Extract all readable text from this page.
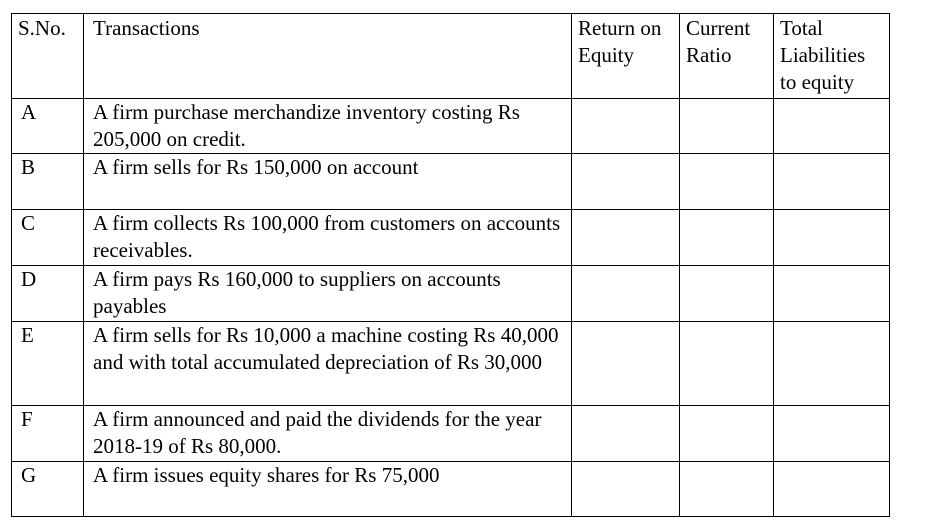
S.No.	Transactions	Return on Equity	Current Ratio	Total Liabilities to equity
A	A firm purchase merchandize inventory costing Rs 205,000 on credit.			
B	A firm sells for Rs 150,000 on account			
C	A firm collects Rs 100,000 from customers on accounts receivables.			
D	A firm pays Rs 160,000 to suppliers on accounts payables			
E	A firm sells for Rs 10,000 a machine costing Rs 40,000 and with total accumulated depreciation of Rs 30,000			
F	A firm announced and paid the dividends for the year 2018-19 of Rs 80,000.			
G	A firm issues equity shares for Rs 75,000			
